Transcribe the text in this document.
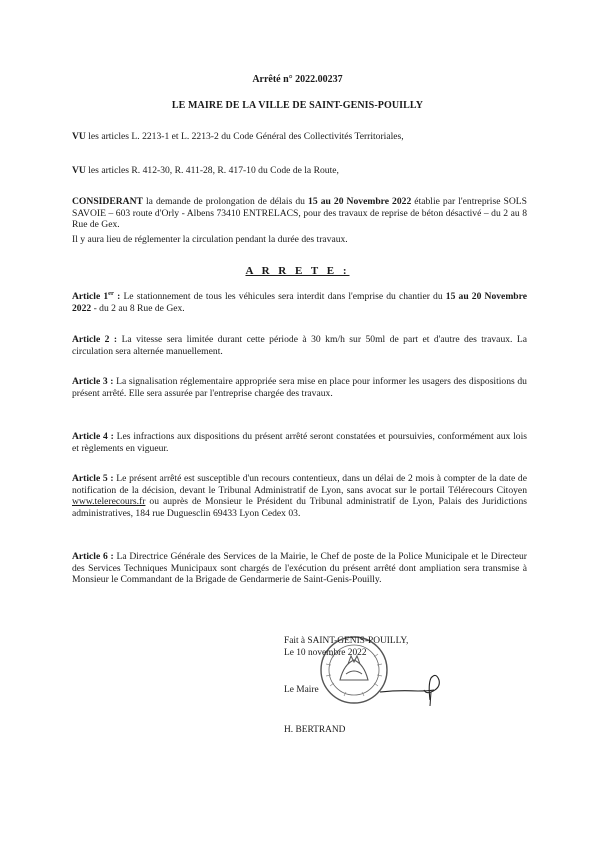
Arrêté n° 2022.00237
LE MAIRE DE LA VILLE DE SAINT-GENIS-POUILLY

VU les articles L. 2213-1 et L. 2213-2 du Code Général des Collectivités Territoriales,

VU les articles R. 412-30, R. 411-28, R. 417-10 du Code de la Route,

CONSIDERANT la demande de prolongation de délais du 15 au 20 Novembre 2022 établie par l'entreprise SOLS SAVOIE – 603 route d'Orly - Albens 73410 ENTRELACS, pour des travaux de reprise de béton désactivé – du 2 au 8 Rue de Gex.

Il y aura lieu de réglementer la circulation pendant la durée des travaux.

A R R E T E :

Article 1er : Le stationnement de tous les véhicules sera interdit dans l'emprise du chantier du 15 au 20 Novembre 2022 - du 2 au 8 Rue de Gex.

Article 2 : La vitesse sera limitée durant cette période à 30 km/h sur 50ml de part et d'autre des travaux. La circulation sera alternée manuellement.

Article 3 : La signalisation réglementaire appropriée sera mise en place pour informer les usagers des dispositions du présent arrêté. Elle sera assurée par l'entreprise chargée des travaux.

Article 4 : Les infractions aux dispositions du présent arrêté seront constatées et poursuivies, conformément aux lois et règlements en vigueur.

Article 5 : Le présent arrêté est susceptible d'un recours contentieux, dans un délai de 2 mois à compter de la date de notification de la décision, devant le Tribunal Administratif de Lyon, sans avocat sur le portail Télérecours Citoyen www.telerecours.fr ou auprès de Monsieur le Président du Tribunal administratif de Lyon, Palais des Juridictions administratives, 184 rue Duguesclin 69433 Lyon Cedex 03.

Article 6 : La Directrice Générale des Services de la Mairie, le Chef de poste de la Police Municipale et le Directeur des Services Techniques Municipaux sont chargés de l'exécution du présent arrêté dont ampliation sera transmise à Monsieur le Commandant de la Brigade de Gendarmerie de Saint-Genis-Pouilly.

Fait à SAINT-GENIS-POUILLY,
Le 10 novembre 2022
Le Maire
H. BERTRAND
